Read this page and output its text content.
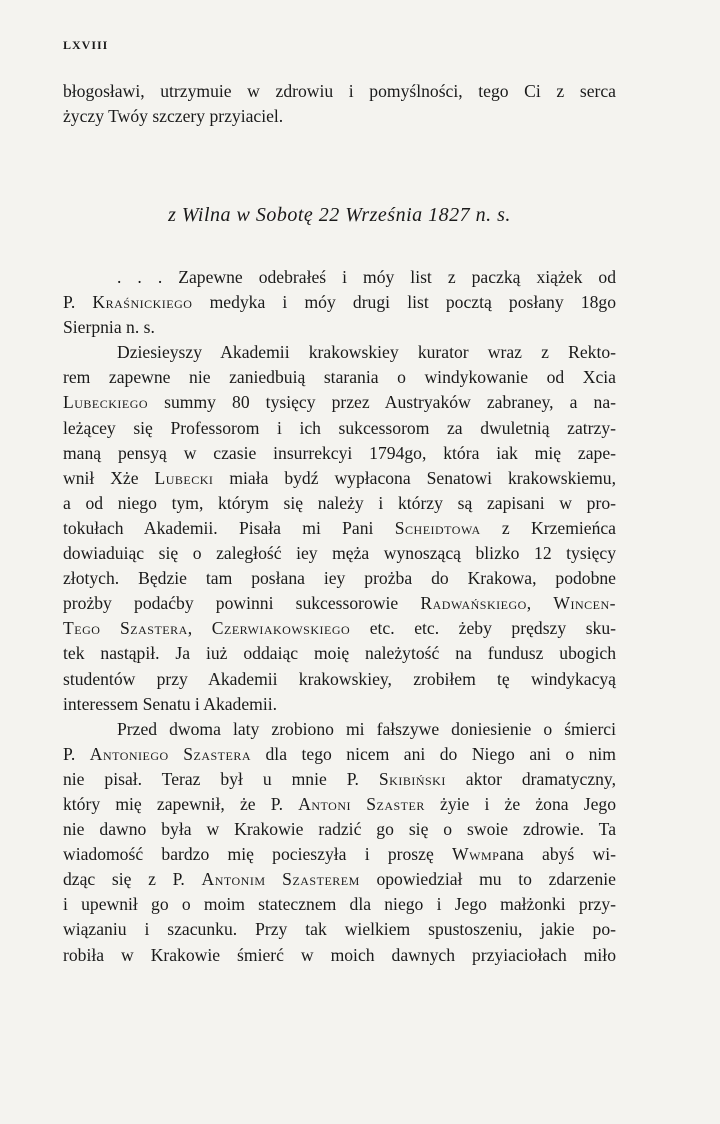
LXVIII
błogosławi, utrzymuie w zdrowiu i pomyślności, tego Ci z serca
życzy Twóy szczery przyiaciel.
z Wilna w Sobotę 22 Września 1827 n. s.
. . . Zapewne odebrałeś i móy list z paczką xiążek od
P. Kraśnickiego medyka i móy drugi list pocztą posłany 18go
Sierpnia n. s.
Dziesieyszy Akademii krakowskiey kurator wraz z Rekto-
rem zapewne nie zaniedbuią starania o windykowanie od Xcia
Lubeckiego summy 80 tysięcy przez Austryaków zabraney, a na-
leżącey się Professorom i ich sukcessorom za dwuletnią zatrzy-
maną pensyą w czasie insurrekcyi 1794go, która iak mię zape-
wnił Xże Lubecki miała bydź wypłacona Senatowi krakowskiemu,
a od niego tym, którym się należy i którzy są zapisani w pro-
tokułach Akademii. Pisała mi Pani Scheidtowa z Krzemieńca
dowiaduiąc się o zaległość iey męża wynoszącą blizko 12 tysięcy
złotych. Będzie tam posłana iey prożba do Krakowa, podobne
prożby podaćby powinni sukcessorowie Radwańskiego, Wincen-
Tego Szastera, Czerwiakowskiego etc. etc. żeby prędszy sku-
tek nastąpił. Ja iuż oddaiąc moię należytość na fundusz ubogich
studentów przy Akademii krakowskiey, zrobiłem tę windykacyą
interessem Senatu i Akademii.
Przed dwoma laty zrobiono mi fałszywe doniesienie o śmierci
P. Antoniego Szastera dla tego nicem ani do Niego ani o nim
nie pisał. Teraz był u mnie P. Skibiński aktor dramatyczny,
który mię zapewnił, że P. Antoni Szaster żyie i że żona Jego
nie dawno była w Krakowie radzić go się o swoie zdrowie. Ta
wiadomość bardzo mię pocieszyła i proszę Wwmpana abyś wi-
dząc się z P. Antonim Szasterem opowiedział mu to zdarzenie
i upewnił go o moim statecznem dla niego i Jego małżonki przy-
wiązaniu i szacunku. Przy tak wielkiem spustoszeniu, jakie po-
robiła w Krakowie śmierć w moich dawnych przyiaciołach miło
